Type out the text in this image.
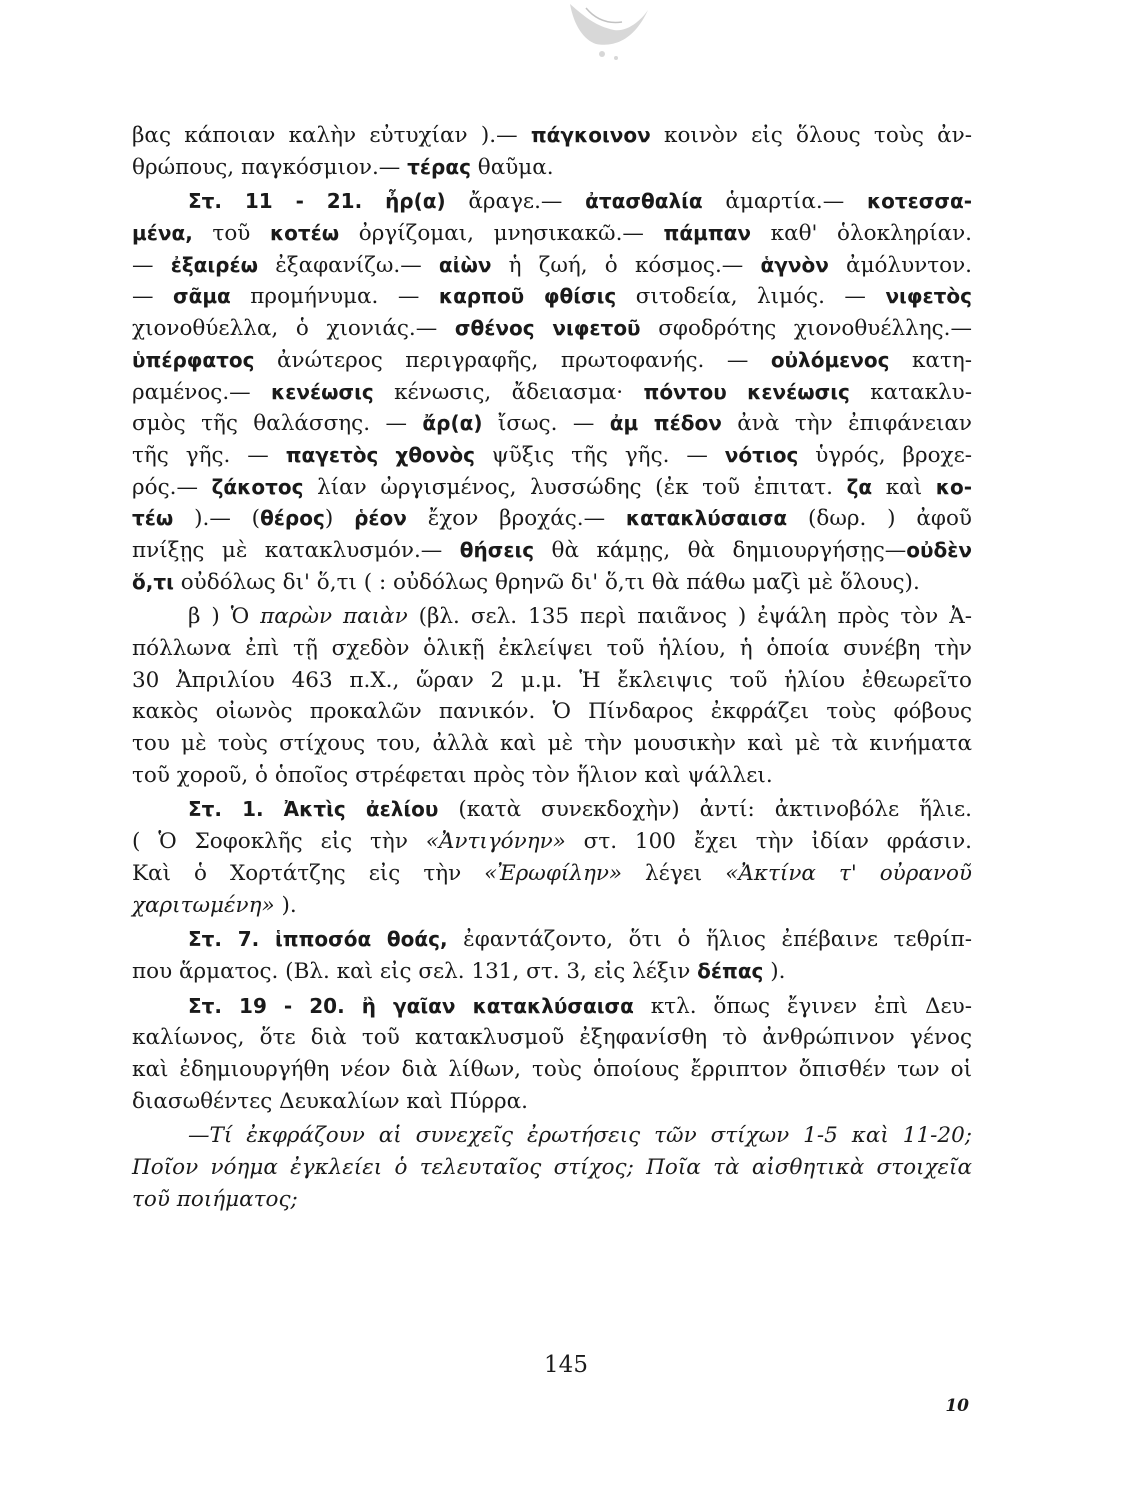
βας κάποιαν καλὴν εὐτυχίαν ).— πάγκοινον κοινὸν εἰς ὅλους τοὺς ἀν-
θρώπους, παγκόσμιον.— τέρας θαῦμα.
Στ. 11 - 21. ἦρ(α) ἄραγε.— ἀτασθαλία ἁμαρτία.— κοτεσσα-
μένα, τοῦ κοτέω ὀργίζομαι, μνησικακῶ.— πάμπαν καθ' ὁλοκληρίαν.
— ἐξαιρέω ἐξαφανίζω.— αἰὼν ἡ ζωή, ὁ κόσμος.— ἁγνὸν ἀμόλυντον.
— σᾶμα προμήνυμα. — καρποῦ φθίσις σιτοδεία, λιμός. — νιφετὸς
χιονοθύελλα, ὁ χιονιάς.— σθένος νιφετοῦ σφοδρότης χιονοθυέλλης.—
ὑπέρφατος ἀνώτερος περιγραφῆς, πρωτοφανής. — οὐλόμενος κατη-
ραμένος.— κενέωσις κένωσις, ἄδειασμα· πόντου κενέωσις κατακλυ-
σμὸς τῆς θαλάσσης. — ἄρ(α) ἴσως. — ἀμ πέδον ἀνὰ τὴν ἐπιφάνειαν
τῆς γῆς. — παγετὸς χθονὸς ψῦξις τῆς γῆς. — νότιος ὑγρός, βροχε-
ρός.— ζάκοτος λίαν ὠργισμένος, λυσσώδης (ἐκ τοῦ ἐπιτατ. ζα καὶ κο-
τέω ).— (θέρος) ῥέον ἔχον βροχάς.— κατακλύσαισα (δωρ. ) ἀφοῦ
πνίξῃς μὲ κατακλυσμόν.— θήσεις θὰ κάμῃς, θὰ δημιουργήσῃς—οὐδὲν
ὅ,τι οὐδόλως δι' ὅ,τι ( : οὐδόλως θρηνῶ δι' ὅ,τι θὰ πάθω μαζὶ μὲ ὅλους).
β ) Ὁ παρὼν παιὰν (βλ. σελ. 135 περὶ παιᾶνος ) ἐψάλη πρὸς τὸν Ἀ-
πόλλωνα ἐπὶ τῇ σχεδὸν ὁλικῇ ἐκλείψει τοῦ ἡλίου, ἡ ὁποία συνέβη τὴν
30 Ἀπριλίου 463 π.Χ., ὥραν 2 μ.μ. Ἡ ἔκλειψις τοῦ ἡλίου ἐθεωρεῖτο
κακὸς οἰωνὸς προκαλῶν πανικόν. Ὁ Πίνδαρος ἐκφράζει τοὺς φόβους
του μὲ τοὺς στίχους του, ἀλλὰ καὶ μὲ τὴν μουσικὴν καὶ μὲ τὰ κινήματα
τοῦ χοροῦ, ὁ ὁποῖος στρέφεται πρὸς τὸν ἥλιον καὶ ψάλλει.
Στ. 1. Ἀκτὶς ἀελίου (κατὰ συνεκδοχὴν) ἀντί: ἀκτινοβόλε ἥλιε.
( Ὁ Σοφοκλῆς εἰς τὴν «Ἀντιγόνην» στ. 100 ἔχει τὴν ἰδίαν φράσιν.
Καὶ ὁ Χορτάτζης εἰς τὴν «Ἐρωφίλην» λέγει «Ἀκτίνα τ' οὐρανοῦ
χαριτωμένη» ).
Στ. 7. ἱπποσόα θοάς, ἐφαντάζοντο, ὅτι ὁ ἥλιος ἐπέβαινε τεθρίπ-
που ἅρματος. (Βλ. καὶ εἰς σελ. 131, στ. 3, εἰς λέξιν δέπας ).
Στ. 19 - 20. ἢ γαῖαν κατακλύσαισα κτλ. ὅπως ἔγινεν ἐπὶ Δευ-
καλίωνος, ὅτε διὰ τοῦ κατακλυσμοῦ ἐξηφανίσθη τὸ ἀνθρώπινον γένος
καὶ ἐδημιουργήθη νέον διὰ λίθων, τοὺς ὁποίους ἔρριπτον ὄπισθέν των οἱ
διασωθέντες Δευκαλίων καὶ Πύρρα.
—Τί ἐκφράζουν αἱ συνεχεῖς ἐρωτήσεις τῶν στίχων 1-5 καὶ 11-20;
Ποῖον νόημα ἐγκλείει ὁ τελευταῖος στίχος; Ποῖα τὰ αἰσθητικὰ στοιχεῖα
τοῦ ποιήματος;
145
10
